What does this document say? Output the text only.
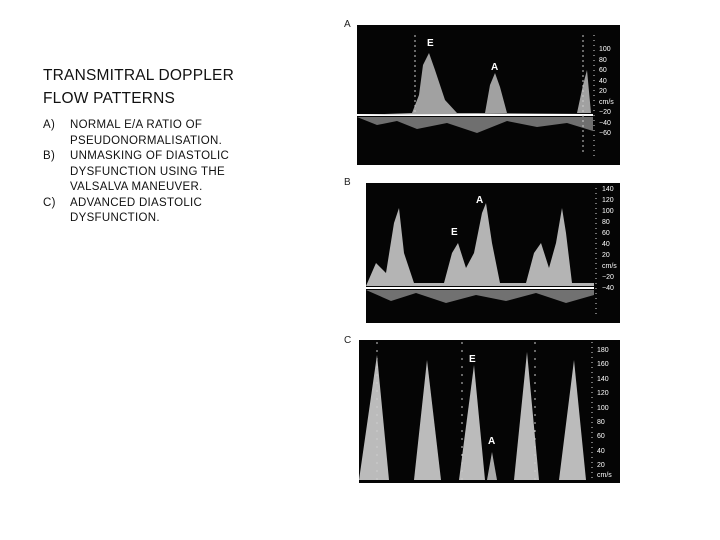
TRANSMITRAL DOPPLER
FLOW PATTERNS
A)	NORMAL E/A RATIO OF
PSEUDONORMALISATION.
B)	UNMASKING OF DIASTOLIC
DYSFUNCTION USING THE
VALSALVA MANEUVER.
C)	ADVANCED DIASTOLIC
DYSFUNCTION.
A
B
C
E
A
100
80
60
40
20
cm/s
−20
−40
−60
E
A
140
120
100
80
60
40
20
cm/s
−20
−40
E
A
180
160
140
120
100
80
60
40
20
cm/s
